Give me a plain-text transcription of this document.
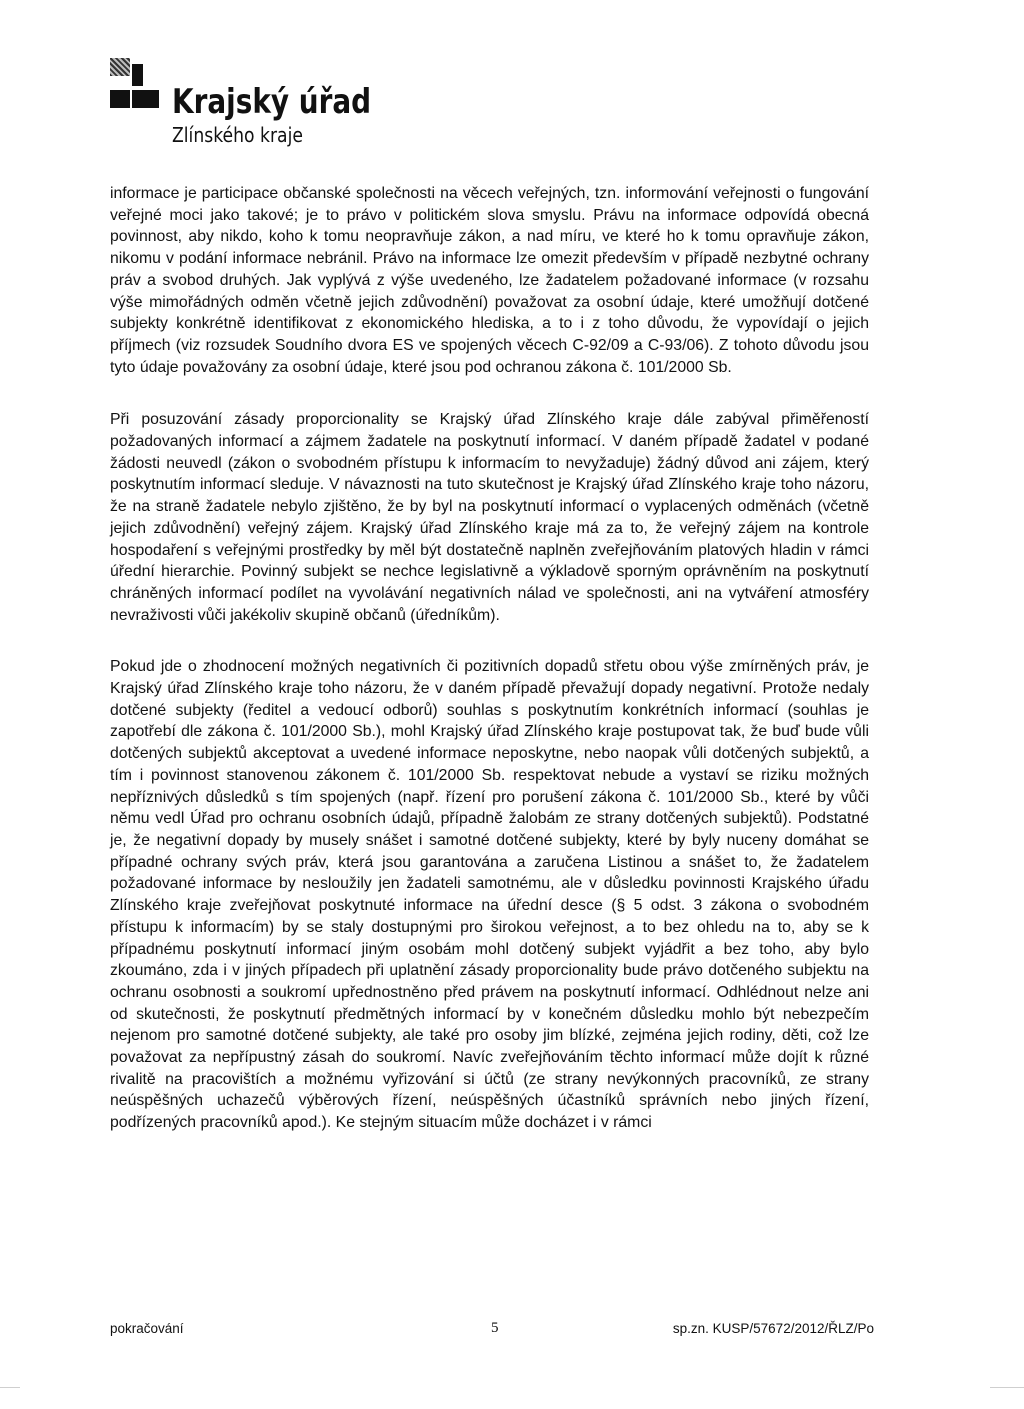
Krajský úřad
Zlínského kraje

informace je participace občanské společnosti na věcech veřejných, tzn. informování veřejnosti o fungování veřejné moci jako takové; je to právo v politickém slova smyslu. Právu na informace odpovídá obecná povinnost, aby nikdo, koho k tomu neopravňuje zákon, a nad míru, ve které ho k tomu opravňuje zákon, nikomu v podání informace nebránil. Právo na informace lze omezit především v případě nezbytné ochrany práv a svobod druhých. Jak vyplývá z výše uvedeného, lze žadatelem požadované informace (v rozsahu výše mimořádných odměn včetně jejich zdůvodnění) považovat za osobní údaje, které umožňují dotčené subjekty konkrétně identifikovat z ekonomického hlediska, a to i z toho důvodu, že vypovídají o jejich příjmech (viz rozsudek Soudního dvora ES ve spojených věcech C-92/09 a C-93/06). Z tohoto důvodu jsou tyto údaje považovány za osobní údaje, které jsou pod ochranou zákona č. 101/2000 Sb.

Při posuzování zásady proporcionality se Krajský úřad Zlínského kraje dále zabýval přiměřeností požadovaných informací a zájmem žadatele na poskytnutí informací. V daném případě žadatel v podané žádosti neuvedl (zákon o svobodném přístupu k informacím to nevyžaduje) žádný důvod ani zájem, který poskytnutím informací sleduje. V návaznosti na tuto skutečnost je Krajský úřad Zlínského kraje toho názoru, že na straně žadatele nebylo zjištěno, že by byl na poskytnutí informací o vyplacených odměnách (včetně jejich zdůvodnění) veřejný zájem. Krajský úřad Zlínského kraje má za to, že veřejný zájem na kontrole hospodaření s veřejnými prostředky by měl být dostatečně naplněn zveřejňováním platových hladin v rámci úřední hierarchie. Povinný subjekt se nechce legislativně a výkladově sporným oprávněním na poskytnutí chráněných informací podílet na vyvolávání negativních nálad ve společnosti, ani na vytváření atmosféry nevraživosti vůči jakékoliv skupině občanů (úředníkům).

Pokud jde o zhodnocení možných negativních či pozitivních dopadů střetu obou výše zmírněných práv, je Krajský úřad Zlínského kraje toho názoru, že v daném případě převažují dopady negativní. Protože nedaly dotčené subjekty (ředitel a vedoucí odborů) souhlas s poskytnutím konkrétních informací (souhlas je zapotřebí dle zákona č. 101/2000 Sb.), mohl Krajský úřad Zlínského kraje postupovat tak, že buď bude vůli dotčených subjektů akceptovat a uvedené informace neposkytne, nebo naopak vůli dotčených subjektů, a tím i povinnost stanovenou zákonem č. 101/2000 Sb. respektovat nebude a vystaví se riziku možných nepříznivých důsledků s tím spojených (např. řízení pro porušení zákona č. 101/2000 Sb., které by vůči němu vedl Úřad pro ochranu osobních údajů, případně žalobám ze strany dotčených subjektů). Podstatné je, že negativní dopady by musely snášet i samotné dotčené subjekty, které by byly nuceny domáhat se případné ochrany svých práv, která jsou garantována a zaručena Listinou a snášet to, že žadatelem požadované informace by nesloužily jen žadateli samotnému, ale v důsledku povinnosti Krajského úřadu Zlínského kraje zveřejňovat poskytnuté informace na úřední desce (§ 5 odst. 3 zákona o svobodném přístupu k informacím) by se staly dostupnými pro širokou veřejnost, a to bez ohledu na to, aby se k případnému poskytnutí informací jiným osobám mohl dotčený subjekt vyjádřit a bez toho, aby bylo zkoumáno, zda i v jiných případech při uplatnění zásady proporcionality bude právo dotčeného subjektu na ochranu osobnosti a soukromí upřednostněno před právem na poskytnutí informací. Odhlédnout nelze ani od skutečnosti, že poskytnutí předmětných informací by v konečném důsledku mohlo být nebezpečím nejenom pro samotné dotčené subjekty, ale také pro osoby jim blízké, zejména jejich rodiny, děti, což lze považovat za nepřípustný zásah do soukromí. Navíc zveřejňováním těchto informací může dojít k různé rivalitě na pracovištích a možnému vyřizování si účtů (ze strany nevýkonných pracovníků, ze strany neúspěšných uchazečů výběrových řízení, neúspěšných účastníků správních nebo jiných řízení, podřízených pracovníků apod.). Ke stejným situacím může docházet i v rámci

pokračování	5	sp.zn. KUSP/57672/2012/ŘLZ/Po
